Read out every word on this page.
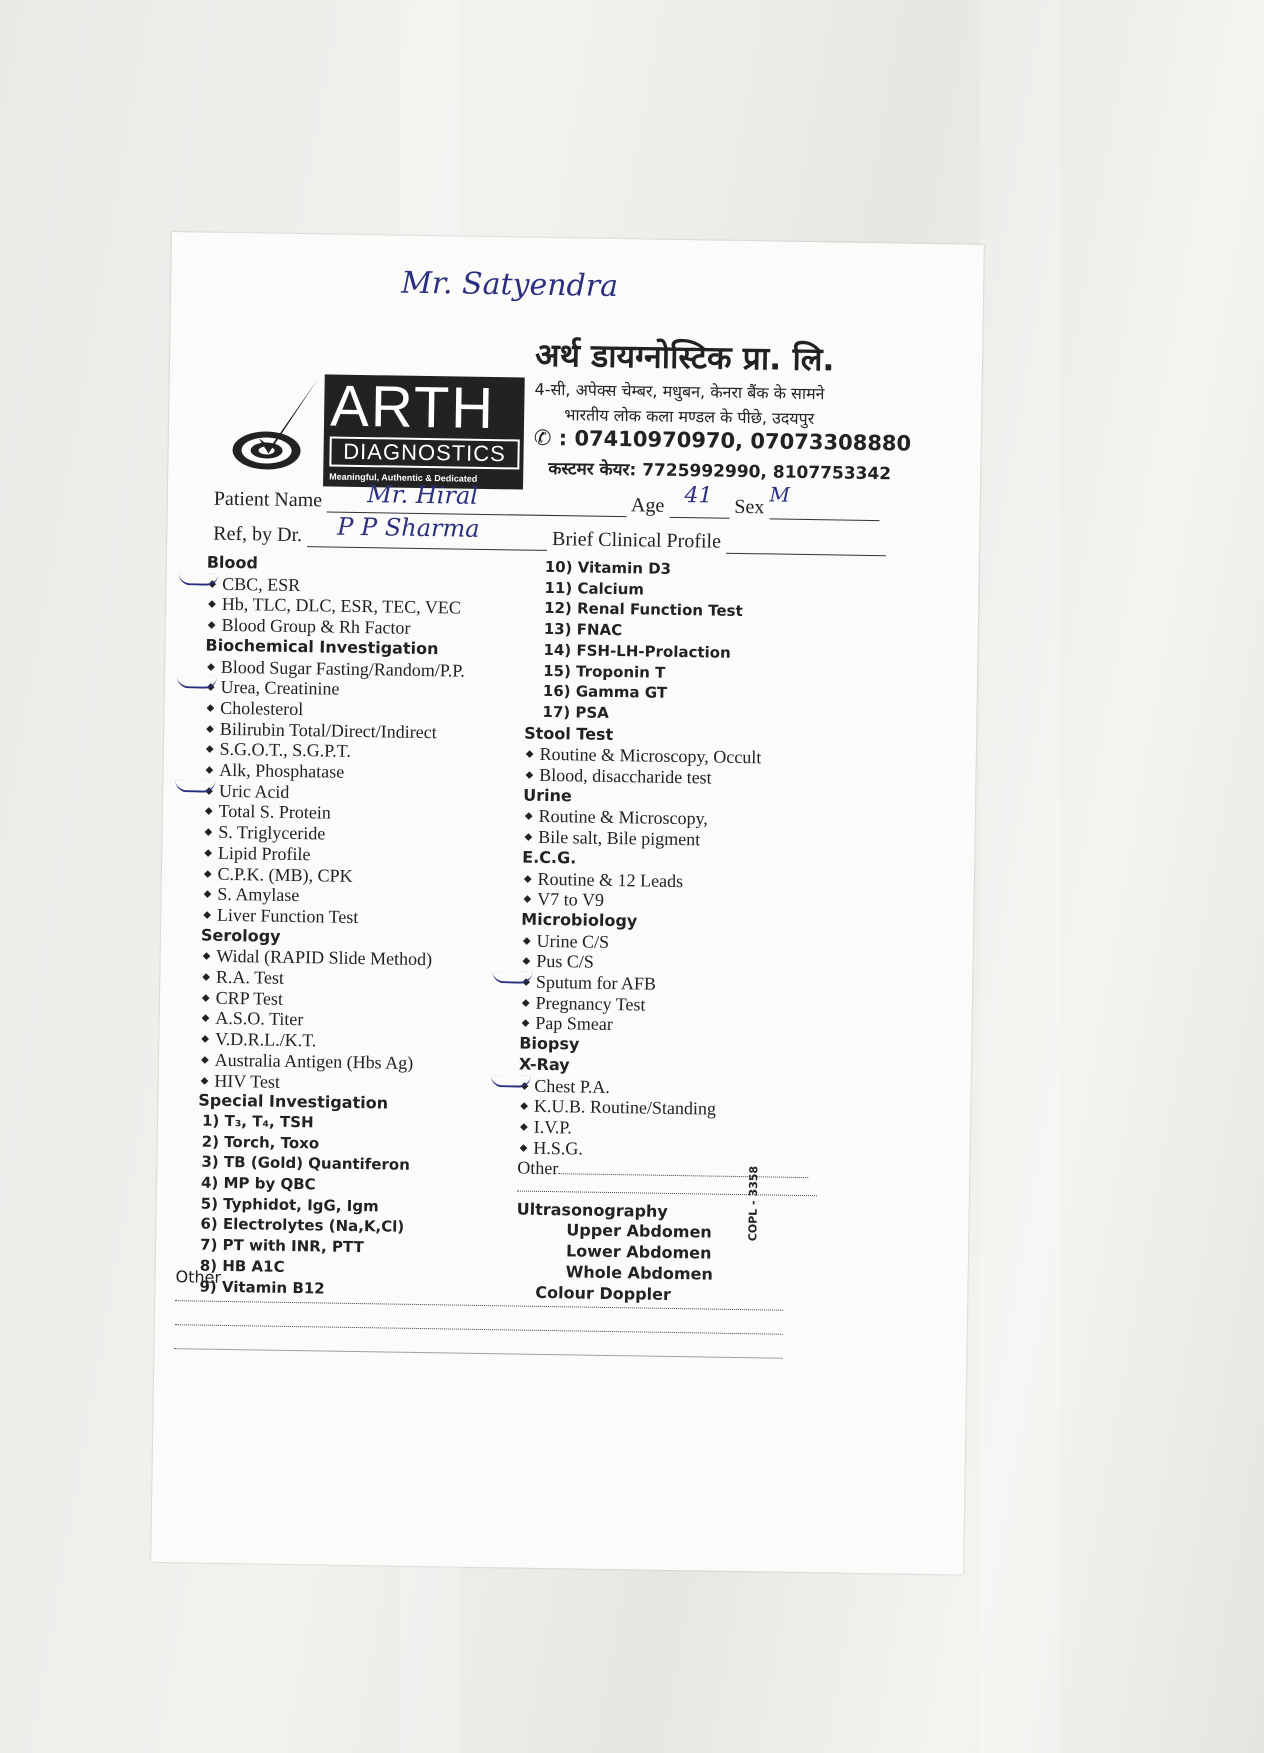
Mr. Satyendra
ARTH
DIAGNOSTICS
Meaningful, Authentic & Dedicated
अर्थ डायग्नोस्टिक प्रा. लि.
4-सी, अपेक्स चेम्बर, मधुबन, केनरा बैंक के सामने
भारतीय लोक कला मण्डल के पीछे, उदयपुर
✆ : 07410970970, 07073308880
कस्टमर केयर: 7725992990, 8107753342
Patient Name Mr. Hiral	Age 41 Sex
M
Ref, by Dr. P P Sharma	Brief Clinical Profile
Blood
◆ CBC, ESR
◆ Hb, TLC, DLC, ESR, TEC, VEC
◆ Blood Group & Rh Factor
Biochemical Investigation
◆ Blood Sugar Fasting/Random/P.P.
◆ Urea, Creatinine
◆ Cholesterol
◆ Bilirubin Total/Direct/Indirect
◆ S.G.O.T., S.G.P.T.
◆ Alk, Phosphatase
◆ Uric Acid
◆ Total S. Protein
◆ S. Triglyceride
◆ Lipid Profile
◆ C.P.K. (MB), CPK
◆ S. Amylase
◆ Liver Function Test
Serology
◆ Widal (RAPID Slide Method)
◆ R.A. Test
◆ CRP Test
◆ A.S.O. Titer
◆ V.D.R.L./K.T.
◆ Australia Antigen (Hbs Ag)
◆ HIV Test
Special Investigation
1) T₃, T₄, TSH
2) Torch, Toxo
3) TB (Gold) Quantiferon
4) MP by QBC
5) Typhidot, IgG, Igm
6) Electrolytes (Na,K,Cl)
7) PT with INR, PTT
8) HB A1C
9) Vitamin B12
10) Vitamin D3
11) Calcium
12) Renal Function Test
13) FNAC
14) FSH-LH-Prolaction
15) Troponin T
16) Gamma GT
17) PSA
Stool Test
◆ Routine & Microscopy, Occult
◆ Blood, disaccharide test
Urine
◆ Routine & Microscopy,
◆ Bile salt, Bile pigment
E.C.G.
◆ Routine & 12 Leads
◆ V7 to V9
Microbiology
◆ Urine C/S
◆ Pus C/S
◆ Sputum for AFB
◆ Pregnancy Test
◆ Pap Smear
Biopsy
X-Ray
◆ Chest P.A.
◆ K.U.B. Routine/Standing
◆ I.V.P.
◆ H.S.G.
Other
Ultrasonography
Upper Abdomen
Lower Abdomen
Whole Abdomen
Colour Doppler
Other
COPL - 3358
